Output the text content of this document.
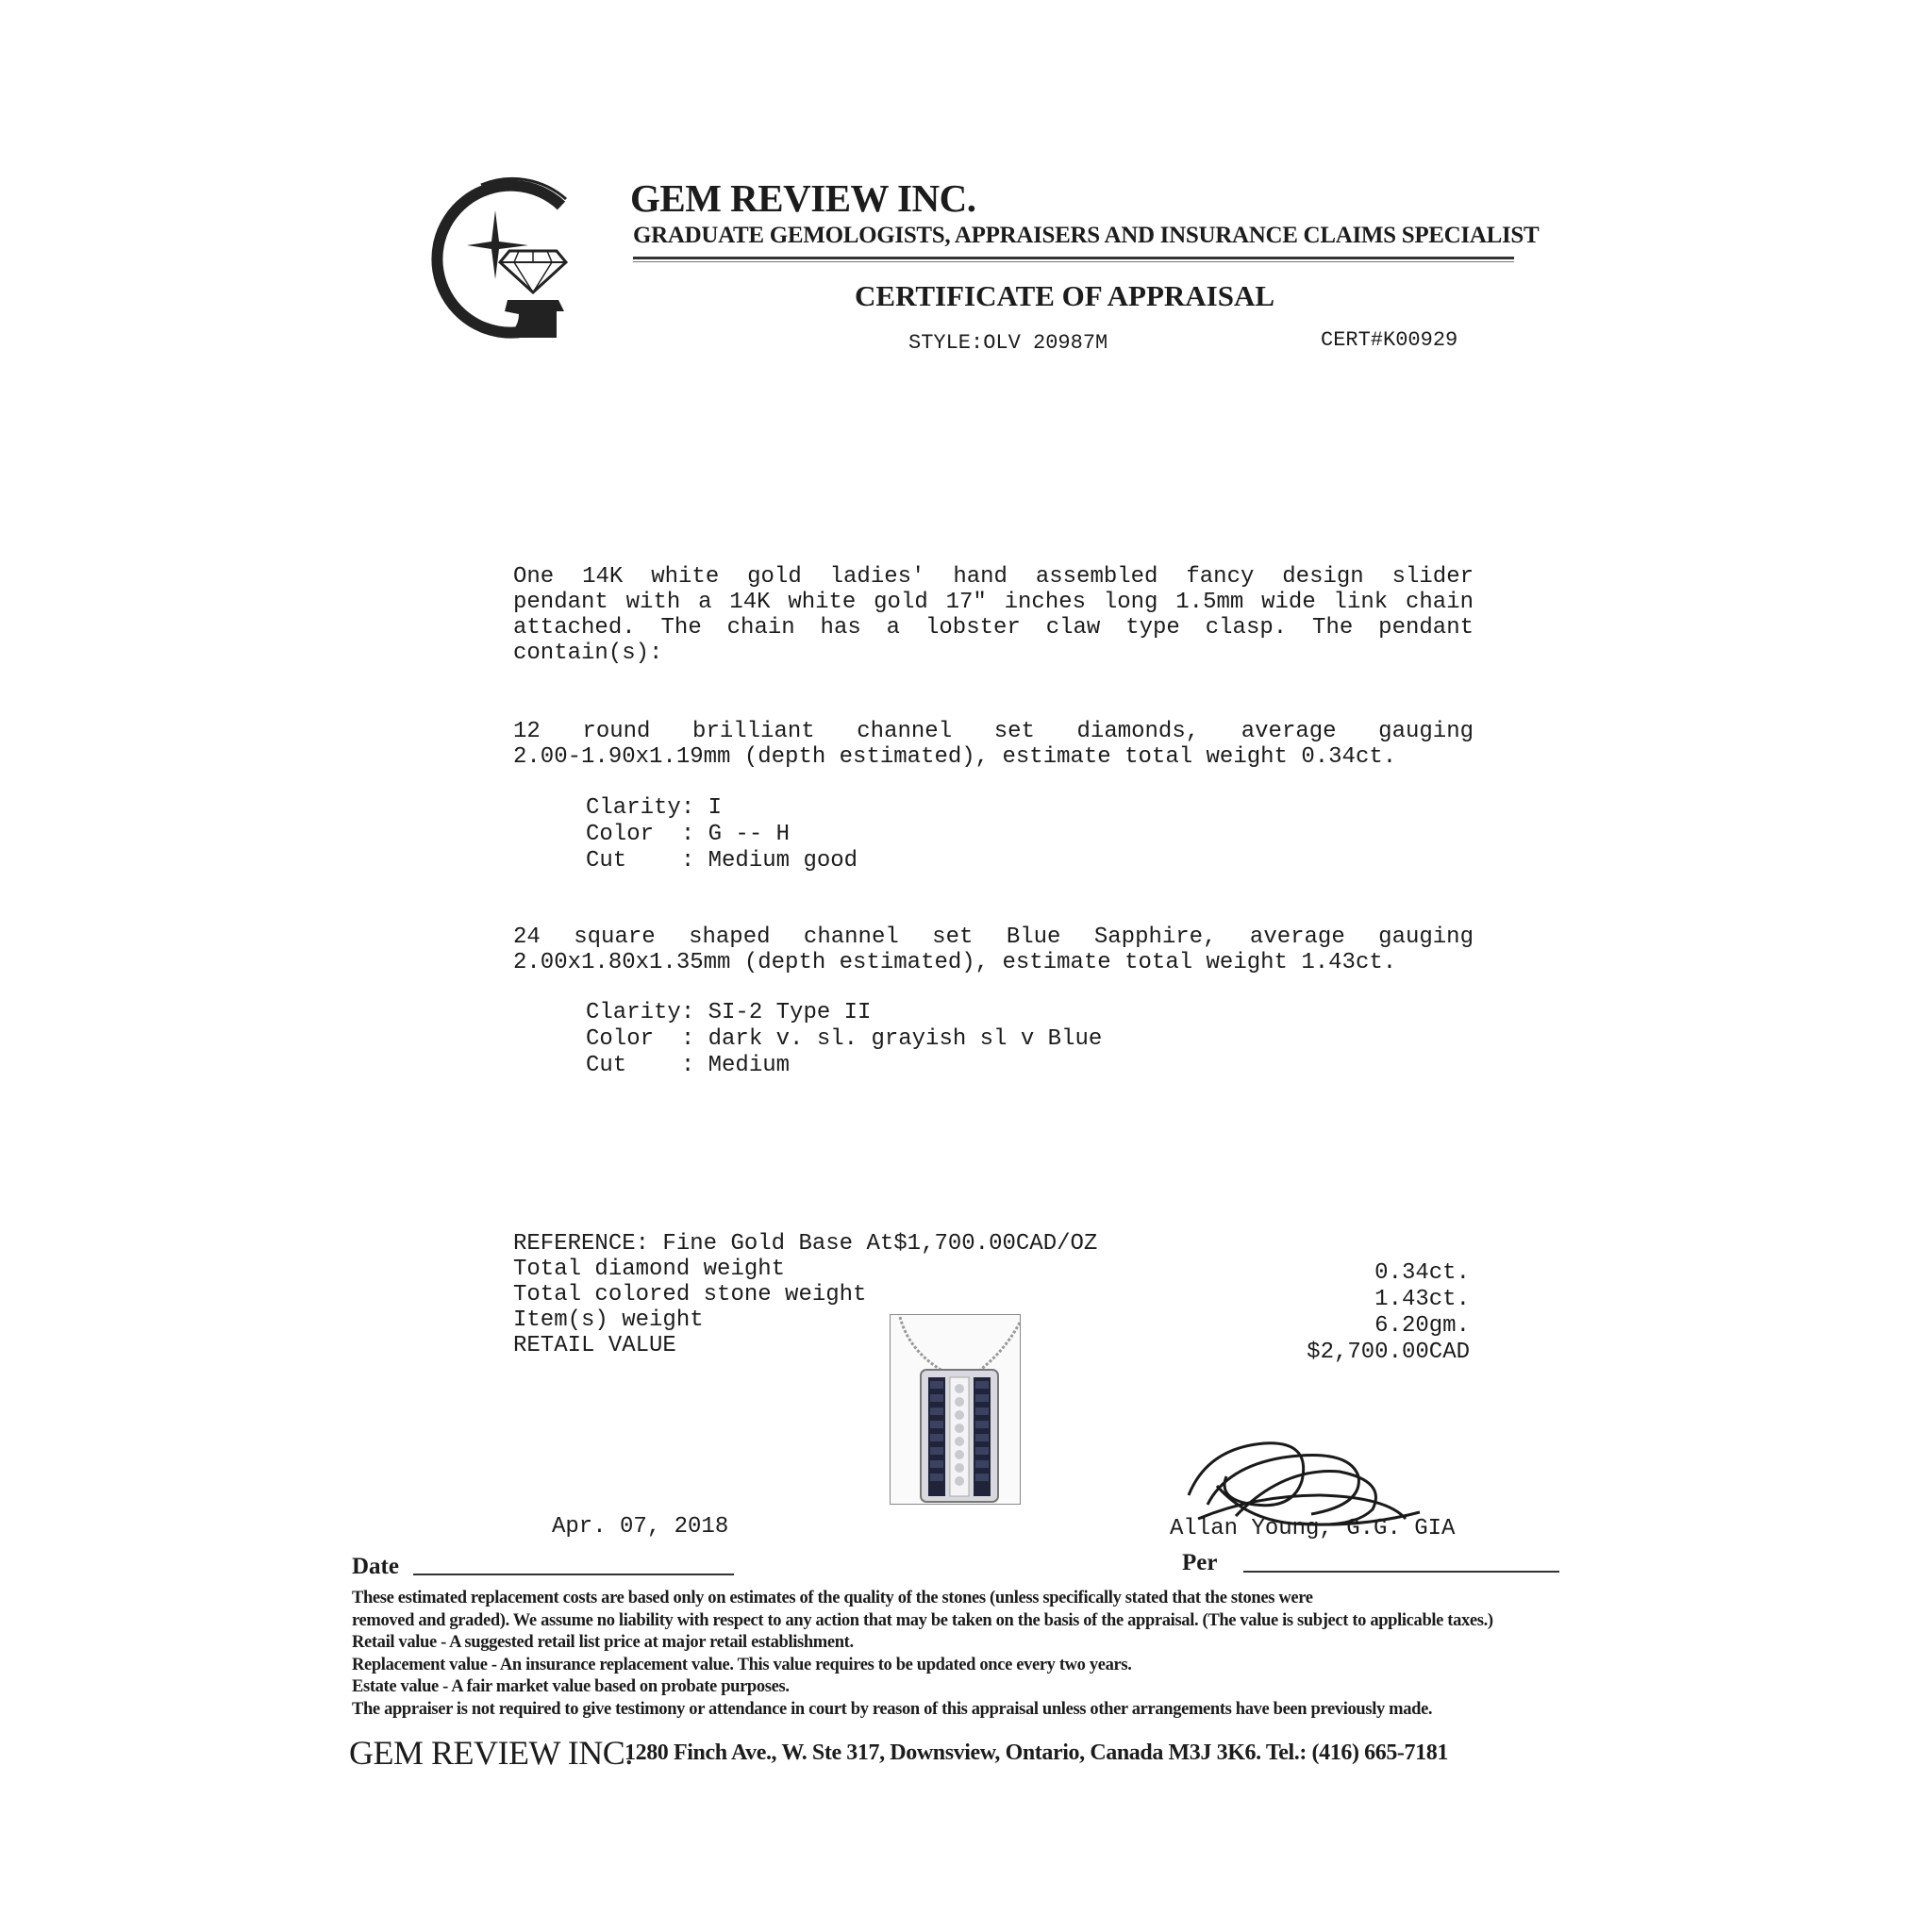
GEM REVIEW INC.
GRADUATE GEMOLOGISTS, APPRAISERS AND INSURANCE CLAIMS SPECIALIST
CERTIFICATE OF APPRAISAL
STYLE:OLV 20987M	CERT#K00929
One 14K white gold ladies' hand assembled fancy design slider
pendant with a 14K white gold 17" inches long 1.5mm wide link chain
attached. The chain has a lobster claw type clasp. The pendant
contain(s):
12 round brilliant channel set diamonds, average gauging
2.00-1.90x1.19mm (depth estimated), estimate total weight 0.34ct.
Clarity: I
Color  : G -- H
Cut    : Medium good
24 square shaped channel set Blue Sapphire, average gauging
2.00x1.80x1.35mm (depth estimated), estimate total weight 1.43ct.
Clarity: SI-2 Type II
Color  : dark v. sl. grayish sl v Blue
Cut    : Medium
REFERENCE: Fine Gold Base At$1,700.00CAD/OZ
Total diamond weight
Total colored stone weight
Item(s) weight
RETAIL VALUE
0.34ct.
1.43ct.
6.20gm.
$2,700.00CAD
Apr. 07, 2018
Date
Allan Young, G.G. GIA
Per
These estimated replacement costs are based only on estimates of the quality of the stones (unless specifically stated that the stones were
removed and graded). We assume no liability with respect to any action that may be taken on the basis of the appraisal. (The value is subject to applicable taxes.)
Retail value - A suggested retail list price at major retail establishment.
Replacement value - An insurance replacement value. This value requires to be updated once every two years.
Estate value - A fair market value based on probate purposes.
The appraiser is not required to give testimony or attendance in court by reason of this appraisal unless other arrangements have been previously made.
GEM REVIEW INC.
1280 Finch Ave., W. Ste 317, Downsview, Ontario, Canada M3J 3K6. Tel.: (416) 665-7181
